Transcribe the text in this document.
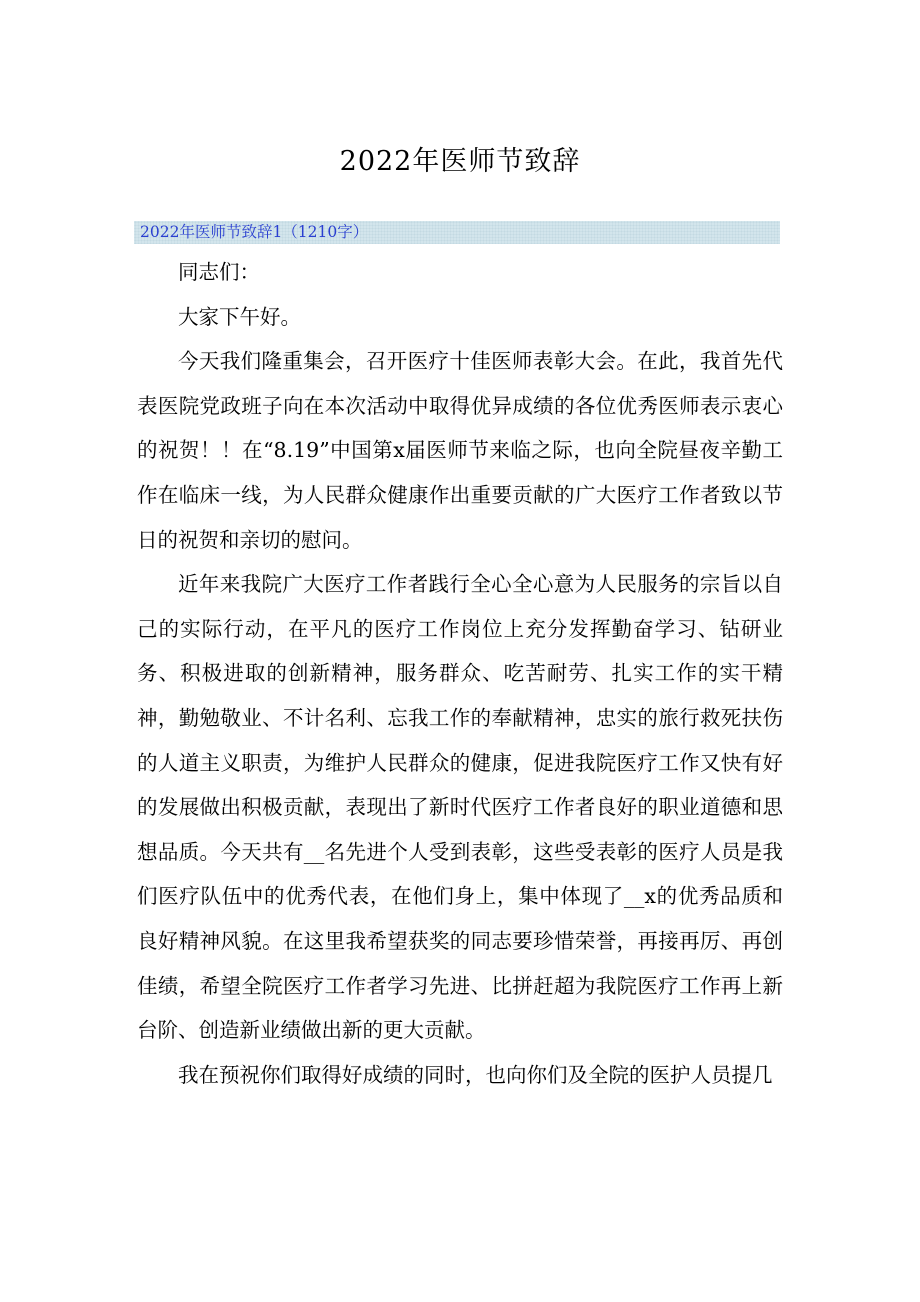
2022年医师节致辞
2022年医师节致辞1（1210字）

同志们：

大家下午好。

今天我们隆重集会，召开医疗十佳医师表彰大会。在此，我首先代表医院党政班子向在本次活动中取得优异成绩的各位优秀医师表示衷心的祝贺！！在“8.19”中国第x届医师节来临之际，也向全院昼夜辛勤工作在临床一线，为人民群众健康作出重要贡献的广大医疗工作者致以节日的祝贺和亲切的慰问。

近年来我院广大医疗工作者践行全心全心意为人民服务的宗旨以自己的实际行动，在平凡的医疗工作岗位上充分发挥勤奋学习、钻研业务、积极进取的创新精神，服务群众、吃苦耐劳、扎实工作的实干精神，勤勉敬业、不计名利、忘我工作的奉献精神，忠实的旅行救死扶伤的人道主义职责，为维护人民群众的健康，促进我院医疗工作又快有好的发展做出积极贡献，表现出了新时代医疗工作者良好的职业道德和思想品质。今天共有__名先进个人受到表彰，这些受表彰的医疗人员是我们医疗队伍中的优秀代表，在他们身上，集中体现了__x的优秀品质和良好精神风貌。在这里我希望获奖的同志要珍惜荣誉，再接再厉、再创佳绩，希望全院医疗工作者学习先进、比拼赶超为我院医疗工作再上新台阶、创造新业绩做出新的更大贡献。

我在预祝你们取得好成绩的同时，也向你们及全院的医护人员提几
